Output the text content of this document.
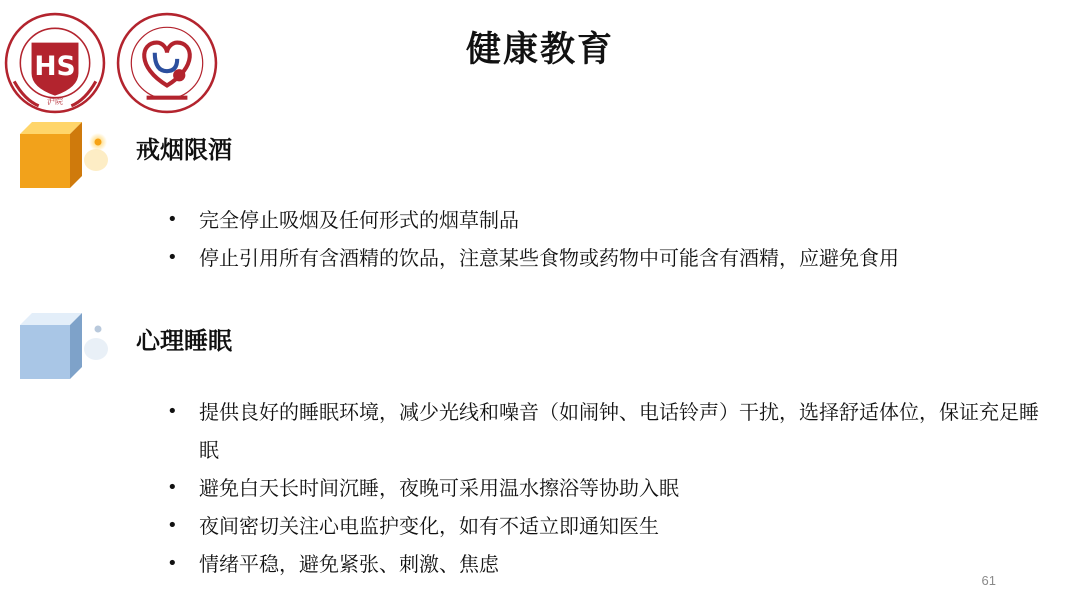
HS
沪院
健康教育
戒烟限酒
• 完全停止吸烟及任何形式的烟草制品
• 停止引用所有含酒精的饮品，注意某些食物或药物中可能含有酒精，应避免食用
心理睡眠
• 提供良好的睡眠环境，减少光线和噪音（如闹钟、电话铃声）干扰，选择舒适体位，保证充足睡眠
• 避免白天长时间沉睡，夜晚可采用温水擦浴等协助入眠
• 夜间密切关注心电监护变化，如有不适立即通知医生
• 情绪平稳，避免紧张、刺激、焦虑
61
